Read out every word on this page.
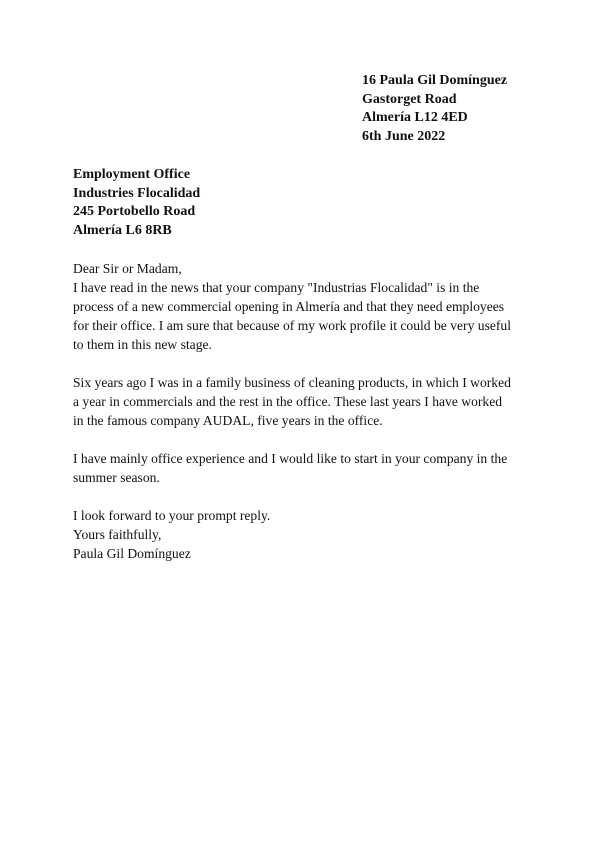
16 Paula Gil Domínguez
Gastorget Road
Almería L12 4ED
6th June 2022
Employment Office
Industries Flocalidad
245 Portobello Road
Almería L6 8RB
Dear Sir or Madam,
I have read in the news that your company "Industrias Flocalidad" is in the
process of a new commercial opening in Almería and that they need employees
for their office. I am sure that because of my work profile it could be very useful
to them in this new stage.
Six years ago I was in a family business of cleaning products, in which I worked
a year in commercials and the rest in the office. These last years I have worked
in the famous company AUDAL, five years in the office.
I have mainly office experience and I would like to start in your company in the
summer season.
I look forward to your prompt reply.
Yours faithfully,
Paula Gil Domínguez
